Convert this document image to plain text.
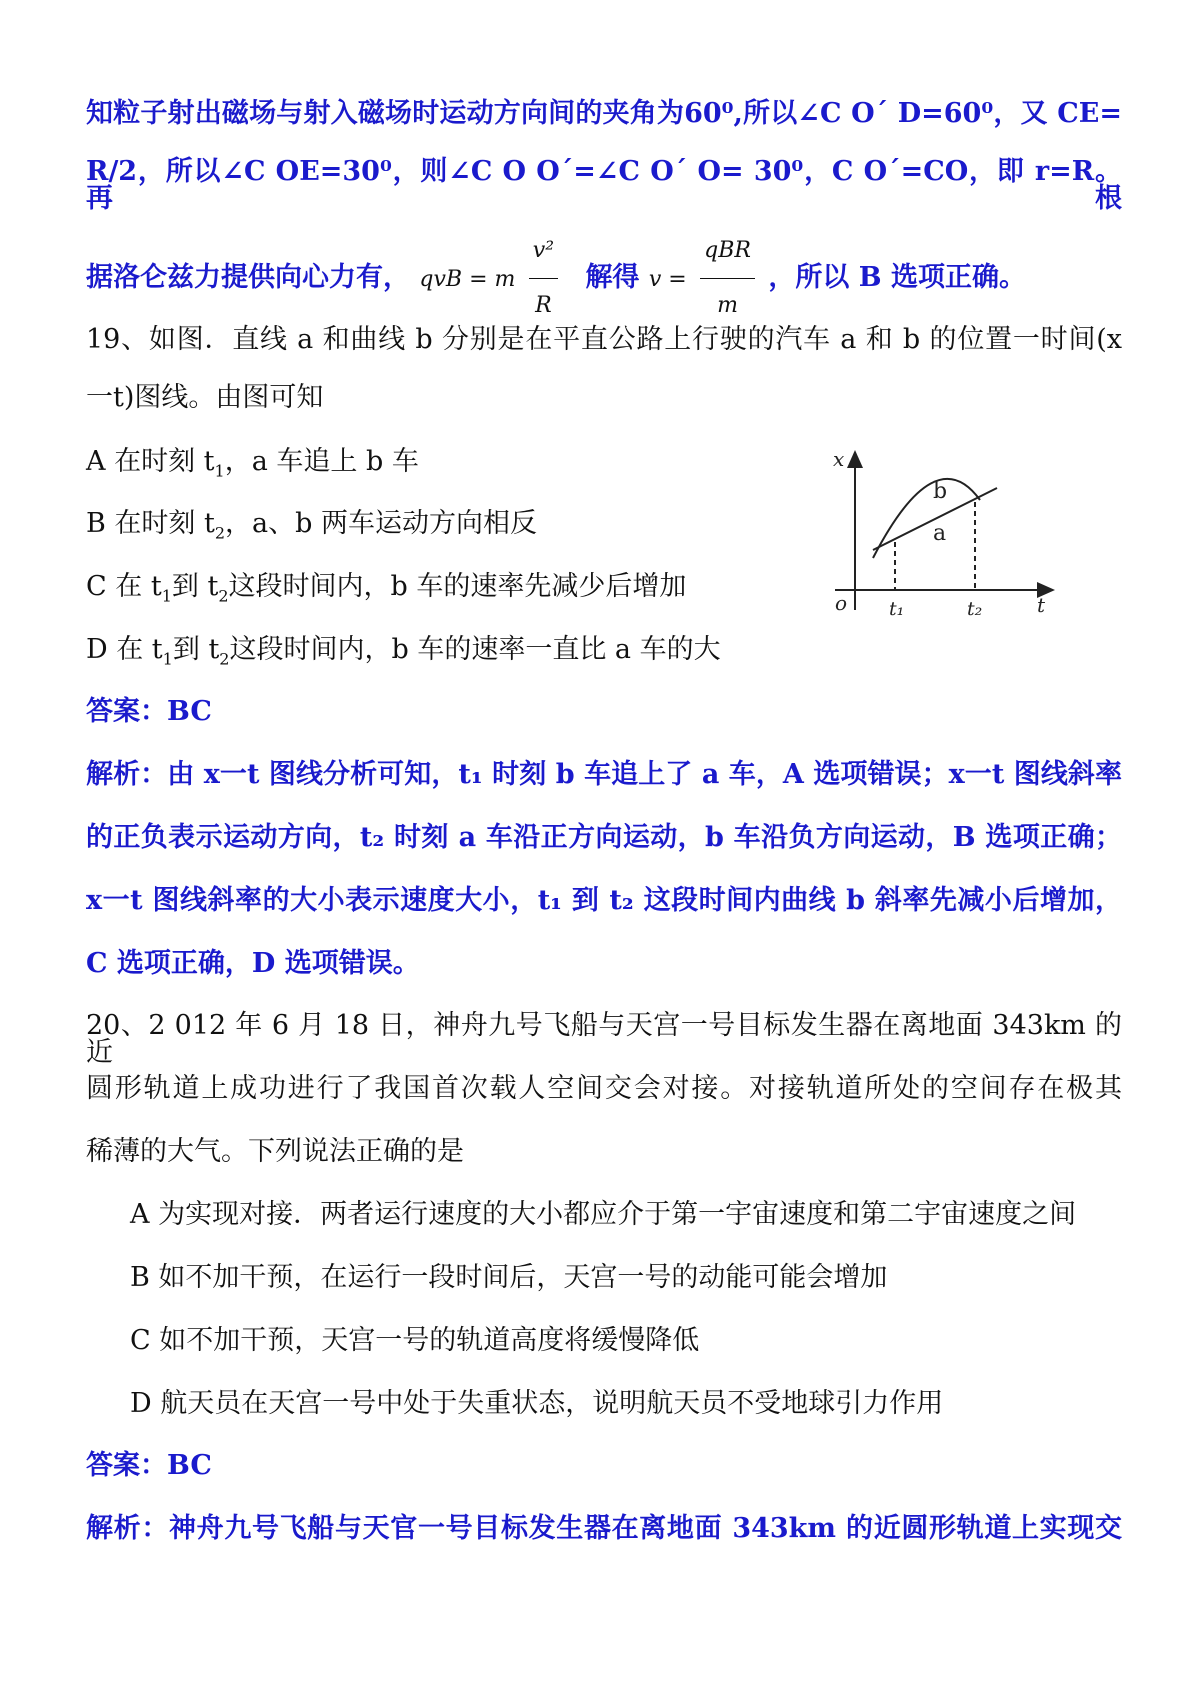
知粒子射出磁场与射入磁场时运动方向间的夹角为60⁰,所以∠C O´ D=60⁰，又 CE=
R/2，所以∠C OE=30⁰，则∠C O O´=∠C O´ O= 30⁰，C O´=CO，即 r=R。再根
据洛仑兹力提供向心力有， qvB = m $\frac{\text{v²}}{R}$ 解得 $v = \frac{\text{qBR}}{m}$ ，所以 B 选项正确。
19、如图．直线 a 和曲线 b 分别是在平直公路上行驶的汽车 a 和 b 的位置一时间(x
一t)图线。由图可知
A 在时刻 $t_1$，a 车追上 b 车
B 在时刻 $t_2$，a、b 两车运动方向相反
C 在 $t_1$到 $t_2$这段时间内，b 车的速率先减少后增加
D 在 $t_1$到 $t_2$这段时间内，b 车的速率一直比 a 车的大
x
t
o
b
a
t₁	t₂
答案：BC
解析：由 x一t 图线分析可知，t₁ 时刻 b 车追上了 a 车，A 选项错误；x一t 图线斜率
的正负表示运动方向，t₂ 时刻 a 车沿正方向运动，b 车沿负方向运动，B 选项正确；
x一t 图线斜率的大小表示速度大小，t₁ 到 t₂ 这段时间内曲线 b 斜率先减小后增加，
C 选项正确，D 选项错误。
20、2 012 年 6 月 18 日，神舟九号飞船与天宫一号目标发生器在离地面 343km 的近
圆形轨道上成功进行了我国首次载人空间交会对接。对接轨道所处的空间存在极其
稀薄的大气。下列说法正确的是
A 为实现对接．两者运行速度的大小都应介于第一宇宙速度和第二宇宙速度之间
B 如不加干预，在运行一段时间后，天宫一号的动能可能会增加
C 如不加干预，天宫一号的轨道高度将缓慢降低
D 航天员在天宫一号中处于失重状态，说明航天员不受地球引力作用
答案：BC
解析：神舟九号飞船与天官一号目标发生器在离地面 343km 的近圆形轨道上实现交
